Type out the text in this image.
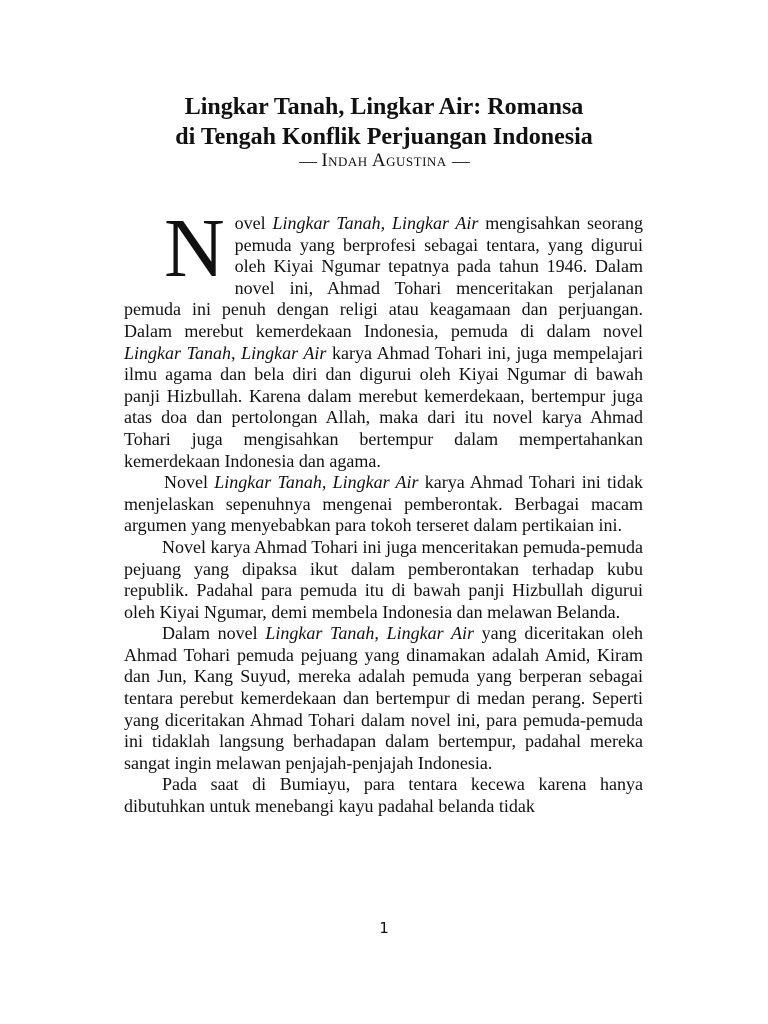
Lingkar Tanah, Lingkar Air: Romansa
di Tengah Konflik Perjuangan Indonesia
------ Indah Agustina ------

Novel Lingkar Tanah, Lingkar Air mengisahkan seorang pemuda yang berprofesi sebagai tentara, yang digurui oleh Kiyai Ngumar tepatnya pada tahun 1946. Dalam novel ini, Ahmad Tohari menceritakan perjalanan pemuda ini penuh dengan religi atau keagamaan dan perjuangan. Dalam merebut kemerdekaan Indonesia, pemuda di dalam novel Lingkar Tanah, Lingkar Air karya Ahmad Tohari ini, juga mempelajari ilmu agama dan bela diri dan digurui oleh Kiyai Ngumar di bawah panji Hizbullah. Karena dalam merebut kemerdekaan, bertempur juga atas doa dan pertolongan Allah, maka dari itu novel karya Ahmad Tohari juga mengisahkan bertempur dalam mempertahankan kemerdekaan Indonesia dan agama.

Novel Lingkar Tanah, Lingkar Air karya Ahmad Tohari ini tidak menjelaskan sepenuhnya mengenai pemberontak. Berbagai macam argumen yang menyebabkan para tokoh terseret dalam pertikaian ini.

Novel karya Ahmad Tohari ini juga menceritakan pemuda-pemuda pejuang yang dipaksa ikut dalam pemberontakan terhadap kubu republik. Padahal para pemuda itu di bawah panji Hizbullah digurui oleh Kiyai Ngumar, demi membela Indonesia dan melawan Belanda.

Dalam novel Lingkar Tanah, Lingkar Air yang diceritakan oleh Ahmad Tohari pemuda pejuang yang dinamakan adalah Amid, Kiram dan Jun, Kang Suyud, mereka adalah pemuda yang berperan sebagai tentara perebut kemerdekaan dan bertempur di medan perang. Seperti yang diceritakan Ahmad Tohari dalam novel ini, para pemuda-pemuda ini tidaklah langsung berhadapan dalam bertempur, padahal mereka sangat ingin melawan penjajah-penjajah Indonesia.

Pada saat di Bumiayu, para tentara kecewa karena hanya dibutuhkan untuk menebangi kayu padahal belanda tidak

1
